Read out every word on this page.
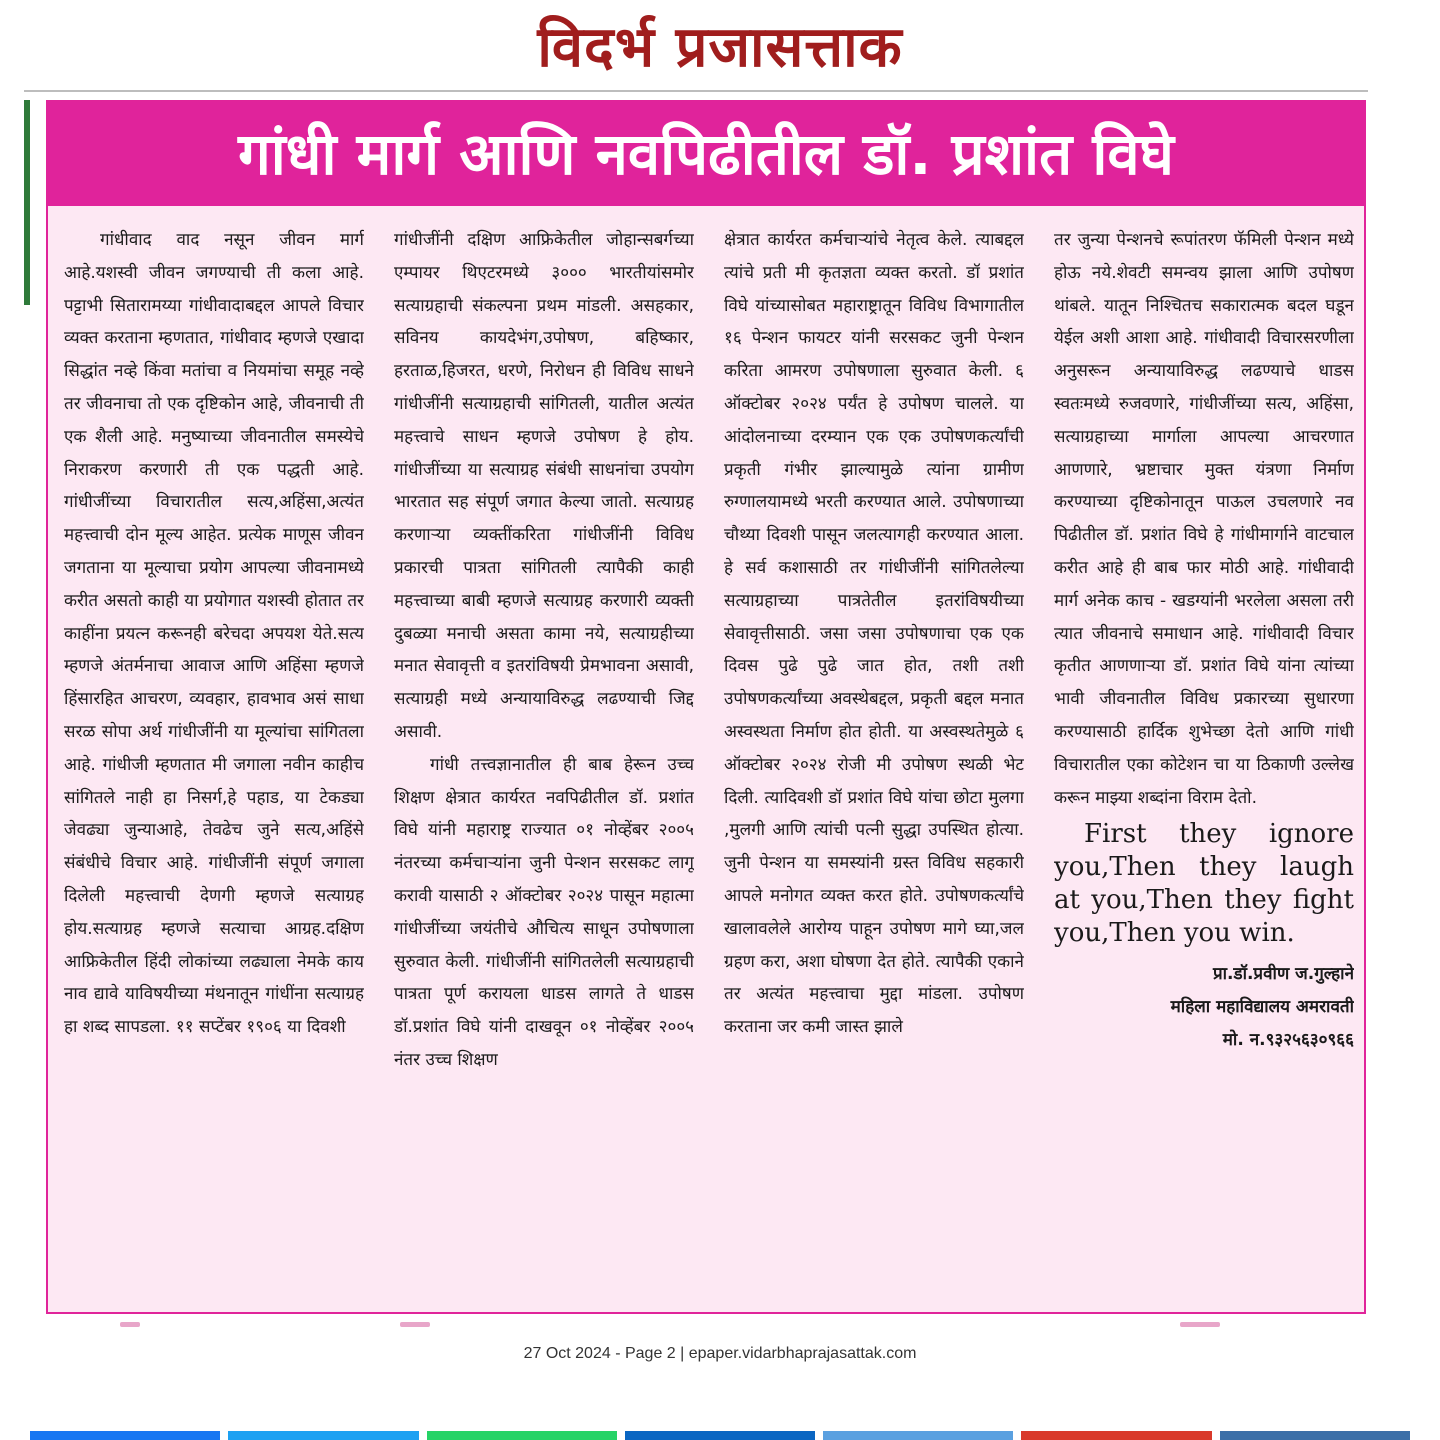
विदर्भ प्रजासत्ताक
गांधी मार्ग आणि नवपिढीतील डॉ. प्रशांत विघे

गांधीवाद वाद नसून जीवन मार्ग आहे.यशस्वी जीवन जगण्याची ती कला आहे. पट्टाभी सितारामय्या गांधीवादाबद्दल आपले विचार व्यक्त करताना म्हणतात, गांधीवाद म्हणजे एखादा सिद्धांत नव्हे किंवा मतांचा व नियमांचा समूह नव्हे तर जीवनाचा तो एक दृष्टिकोन आहे, जीवनाची ती एक शैली आहे. मनुष्याच्या जीवनातील समस्येचे निराकरण करणारी ती एक पद्धती आहे. गांधीजींच्या विचारातील सत्य,अहिंसा,अत्यंत महत्त्वाची दोन मूल्य आहेत. प्रत्येक माणूस जीवन जगताना या मूल्याचा प्रयोग आपल्या जीवनामध्ये करीत असतो काही या प्रयोगात यशस्वी होतात तर काहींना प्रयत्न करूनही बरेचदा अपयश येते.सत्य म्हणजे अंतर्मनाचा आवाज आणि अहिंसा म्हणजे हिंसारहित आचरण, व्यवहार, हावभाव असं साधा सरळ सोपा अर्थ गांधीजींनी या मूल्यांचा सांगितला आहे. गांधीजी म्हणतात मी जगाला नवीन काहीच सांगितले नाही हा निसर्ग,हे पहाड, या टेकड्या जेवढ्या जुन्याआहे, तेवढेच जुने सत्य,अहिंसे संबंधीचे विचार आहे. गांधीजींनी संपूर्ण जगाला दिलेली महत्त्वाची देणगी म्हणजे सत्याग्रह होय.सत्याग्रह म्हणजे सत्याचा आग्रह.दक्षिण आफ्रिकेतील हिंदी लोकांच्या लढ्याला नेमके काय नाव द्यावे याविषयीच्या मंथनातून गांधींना सत्याग्रह हा शब्द सापडला. ११ सप्टेंबर १९०६ या दिवशी

गांधीजींनी दक्षिण आफ्रिकेतील जोहान्सबर्गच्या एम्पायर थिएटरमध्ये ३००० भारतीयांसमोर सत्याग्रहाची संकल्पना प्रथम मांडली. असहकार, सविनय कायदेभंग,उपोषण, बहिष्कार, हरताळ,हिजरत, धरणे, निरोधन ही विविध साधने गांधीजींनी सत्याग्रहाची सांगितली, यातील अत्यंत महत्त्वाचे साधन म्हणजे उपोषण हे होय. गांधीजींच्या या सत्याग्रह संबंधी साधनांचा उपयोग भारतात सह संपूर्ण जगात केल्या जातो. सत्याग्रह करणाऱ्या व्यक्तींकरिता गांधीजींनी विविध प्रकारची पात्रता सांगितली त्यापैकी काही महत्त्वाच्या बाबी म्हणजे सत्याग्रह करणारी व्यक्ती दुबळ्या मनाची असता कामा नये, सत्याग्रहीच्या मनात सेवावृत्ती व इतरांविषयी प्रेमभावना असावी, सत्याग्रही मध्ये अन्यायाविरुद्ध लढण्याची जिद्द असावी.

गांधी तत्त्वज्ञानातील ही बाब हेरून उच्च शिक्षण क्षेत्रात कार्यरत नवपिढीतील डॉ. प्रशांत विघे यांनी महाराष्ट्र राज्यात ०१ नोव्हेंबर २००५ नंतरच्या कर्मचाऱ्यांना जुनी पेन्शन सरसकट लागू करावी यासाठी २ ऑक्टोबर २०२४ पासून महात्मा गांधीजींच्या जयंतीचे औचित्य साधून उपोषणाला सुरुवात केली. गांधीजींनी सांगितलेली सत्याग्रहाची पात्रता पूर्ण करायला धाडस लागते ते धाडस डॉ.प्रशांत विघे यांनी दाखवून ०१ नोव्हेंबर २००५ नंतर उच्च शिक्षण

क्षेत्रात कार्यरत कर्मचाऱ्यांचे नेतृत्व केले. त्याबद्दल त्यांचे प्रती मी कृतज्ञता व्यक्त करतो. डॉ प्रशांत विघे यांच्यासोबत महाराष्ट्रातून विविध विभागातील १६ पेन्शन फायटर यांनी सरसकट जुनी पेन्शन करिता आमरण उपोषणाला सुरुवात केली. ६ ऑक्टोबर २०२४ पर्यंत हे उपोषण चालले. या आंदोलनाच्या दरम्यान एक एक उपोषणकर्त्यांची प्रकृती गंभीर झाल्यामुळे त्यांना ग्रामीण रुग्णालयामध्ये भरती करण्यात आले. उपोषणाच्या चौथ्या दिवशी पासून जलत्यागही करण्यात आला. हे सर्व कशासाठी तर गांधीजींनी सांगितलेल्या सत्याग्रहाच्या पात्रतेतील इतरांविषयीच्या सेवावृत्तीसाठी. जसा जसा उपोषणाचा एक एक दिवस पुढे पुढे जात होत, तशी तशी उपोषणकर्त्यांच्या अवस्थेबद्दल, प्रकृती बद्दल मनात अस्वस्थता निर्माण होत होती. या अस्वस्थतेमुळे ६ ऑक्टोबर २०२४ रोजी मी उपोषण स्थळी भेट दिली. त्यादिवशी डॉ प्रशांत विघे यांचा छोटा मुलगा ,मुलगी आणि त्यांची पत्नी सुद्धा उपस्थित होत्या. जुनी पेन्शन या समस्यांनी ग्रस्त विविध सहकारी आपले मनोगत व्यक्त करत होते. उपोषणकर्त्यांचे खालावलेले आरोग्य पाहून उपोषण मागे घ्या,जल ग्रहण करा, अशा घोषणा देत होते. त्यापैकी एकाने तर अत्यंत महत्त्वाचा मुद्दा मांडला. उपोषण करताना जर कमी जास्त झाले

तर जुन्या पेन्शनचे रूपांतरण फॅमिली पेन्शन मध्ये होऊ नये.शेवटी समन्वय झाला आणि उपोषण थांबले. यातून निश्चितच सकारात्मक बदल घडून येईल अशी आशा आहे. गांधीवादी विचारसरणीला अनुसरून अन्यायाविरुद्ध लढण्याचे धाडस स्वतःमध्ये रुजवणारे, गांधीजींच्या सत्य, अहिंसा, सत्याग्रहाच्या मार्गाला आपल्या आचरणात आणणारे, भ्रष्टाचार मुक्त यंत्रणा निर्माण करण्याच्या दृष्टिकोनातून पाऊल उचलणारे नव पिढीतील डॉ. प्रशांत विघे हे गांधीमार्गाने वाटचाल करीत आहे ही बाब फार मोठी आहे. गांधीवादी मार्ग अनेक काच - खडग्यांनी भरलेला असला तरी त्यात जीवनाचे समाधान आहे. गांधीवादी विचार कृतीत आणणाऱ्या डॉ. प्रशांत विघे यांना त्यांच्या भावी जीवनातील विविध प्रकारच्या सुधारणा करण्यासाठी हार्दिक शुभेच्छा देतो आणि गांधी विचारातील एका कोटेशन चा या ठिकाणी उल्लेख करून माझ्या शब्दांना विराम देतो.

First they ignore you,Then they laugh at you,Then they fight you,Then you win.
प्रा.डॉ.प्रवीण ज.गुल्हाने
महिला महाविद्यालय अमरावती
मो. न.९३२५६३०९६६
27 Oct 2024 - Page 2 | epaper.vidarbhaprajasattak.com
